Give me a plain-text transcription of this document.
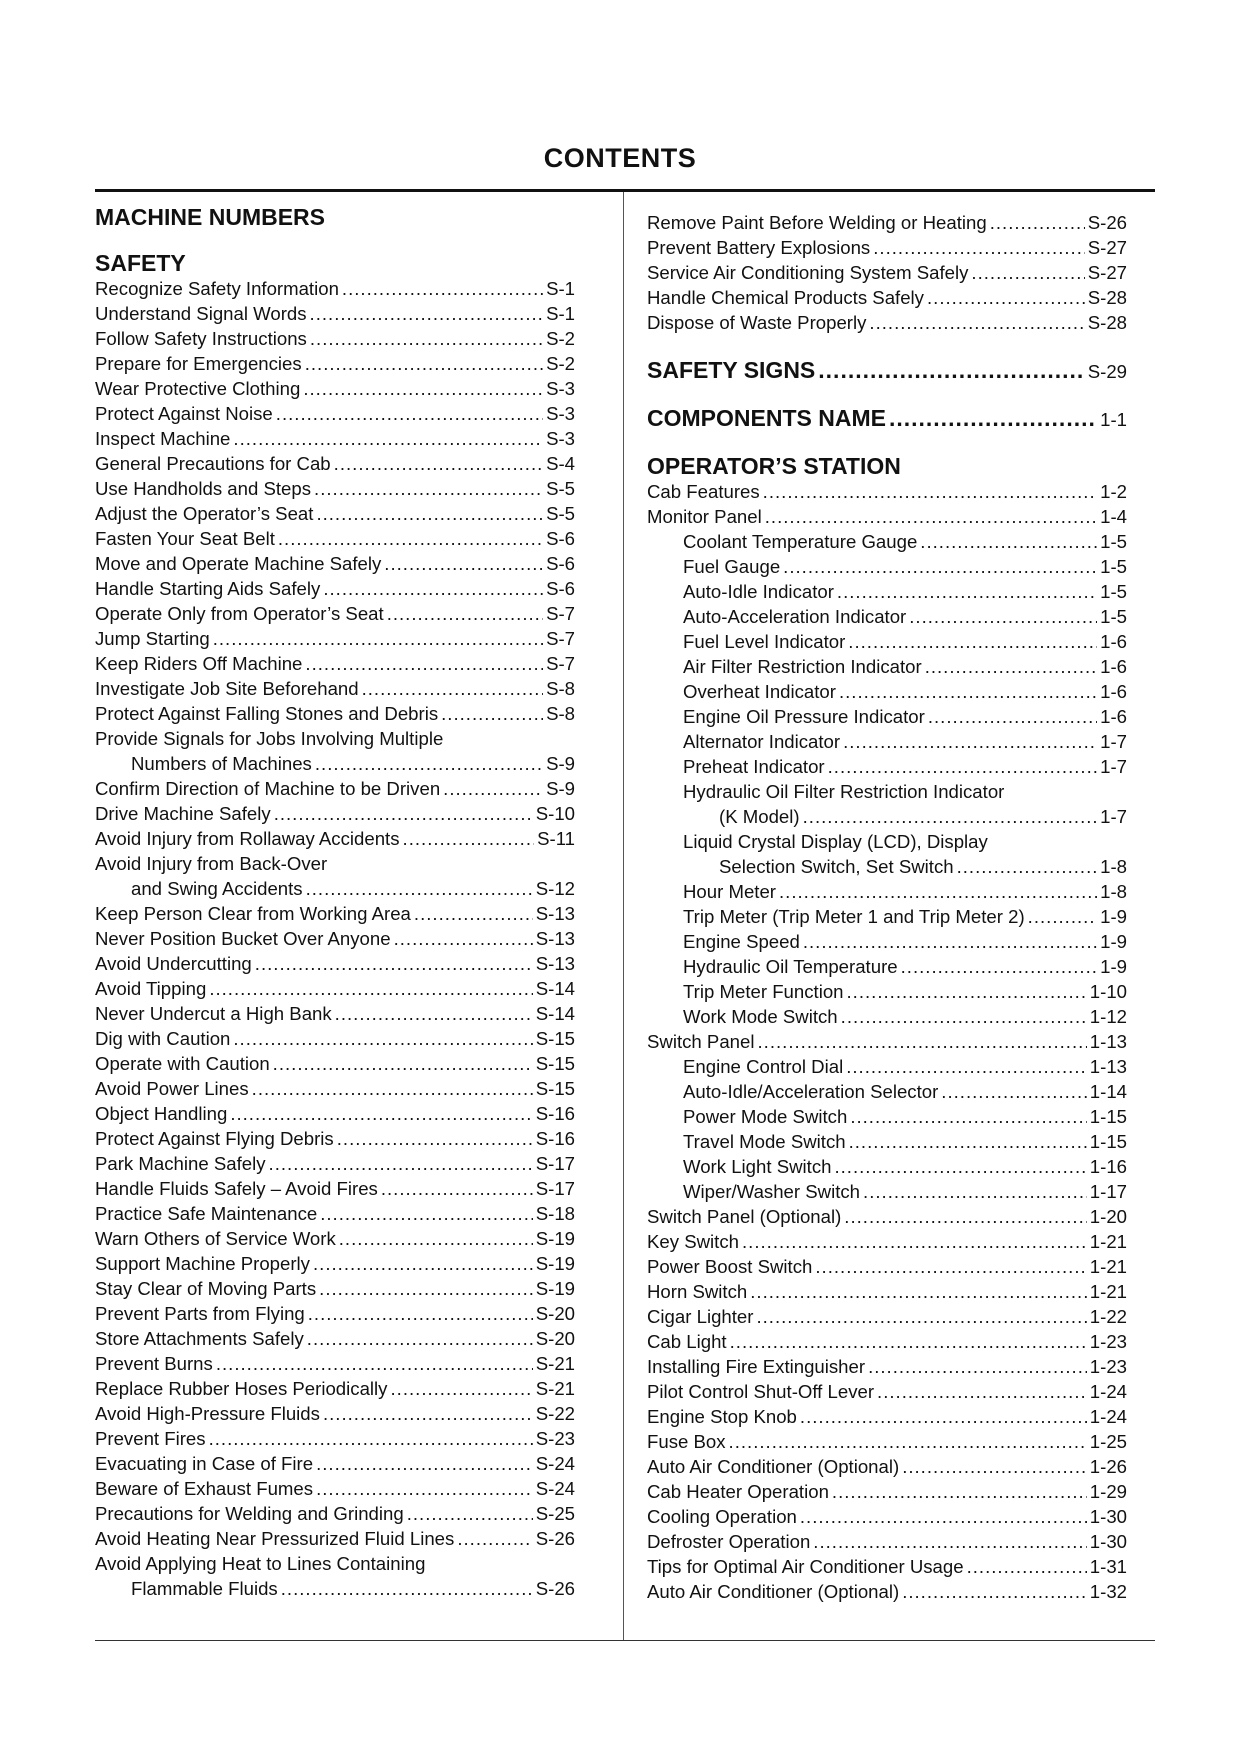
CONTENTS
MACHINE NUMBERS
SAFETY
Recognize Safety Information .....	S-1
Understand Signal Words .....	S-1
Follow Safety Instructions .....	S-2
Prepare for Emergencies .....	S-2
Wear Protective Clothing .....	S-3
Protect Against Noise .....	S-3
Inspect Machine .....	S-3
General Precautions for Cab .....	S-4
Use Handholds and Steps .....	S-5
Adjust the Operator’s Seat .....	S-5
Fasten Your Seat Belt .....	S-6
Move and Operate Machine Safely .....	S-6
Handle Starting Aids Safely .....	S-6
Operate Only from Operator’s Seat .....	S-7
Jump Starting .....	S-7
Keep Riders Off Machine .....	S-7
Investigate Job Site Beforehand .....	S-8
Protect Against Falling Stones and Debris .....	S-8
Provide Signals for Jobs Involving Multiple
Numbers of Machines .....	S-9
Confirm Direction of Machine to be Driven .....	S-9
Drive Machine Safely .....	S-10
Avoid Injury from Rollaway Accidents .....	S-11
Avoid Injury from Back-Over
and Swing Accidents .....	S-12
Keep Person Clear from Working Area .....	S-13
Never Position Bucket Over Anyone .....	S-13
Avoid Undercutting .....	S-13
Avoid Tipping .....	S-14
Never Undercut a High Bank .....	S-14
Dig with Caution .....	S-15
Operate with Caution .....	S-15
Avoid Power Lines .....	S-15
Object Handling .....	S-16
Protect Against Flying Debris .....	S-16
Park Machine Safely .....	S-17
Handle Fluids Safely – Avoid Fires .....	S-17
Practice Safe Maintenance .....	S-18
Warn Others of Service Work .....	S-19
Support Machine Properly .....	S-19
Stay Clear of Moving Parts .....	S-19
Prevent Parts from Flying .....	S-20
Store Attachments Safely .....	S-20
Prevent Burns .....	S-21
Replace Rubber Hoses Periodically .....	S-21
Avoid High-Pressure Fluids .....	S-22
Prevent Fires .....	S-23
Evacuating in Case of Fire .....	S-24
Beware of Exhaust Fumes .....	S-24
Precautions for Welding and Grinding .....	S-25
Avoid Heating Near Pressurized Fluid Lines .....	S-26
Avoid Applying Heat to Lines Containing
Flammable Fluids .....	S-26
Remove Paint Before Welding or Heating .....	S-26
Prevent Battery Explosions .....	S-27
Service Air Conditioning System Safely .....	S-27
Handle Chemical Products Safely .....	S-28
Dispose of Waste Properly .....	S-28
SAFETY SIGNS .....	S-29
COMPONENTS NAME .....	1-1
OPERATOR’S STATION
Cab Features .....	1-2
Monitor Panel .....	1-4
Coolant Temperature Gauge .....	1-5
Fuel Gauge .....	1-5
Auto-Idle Indicator .....	1-5
Auto-Acceleration Indicator .....	1-5
Fuel Level Indicator .....	1-6
Air Filter Restriction Indicator .....	1-6
Overheat Indicator .....	1-6
Engine Oil Pressure Indicator .....	1-6
Alternator Indicator .....	1-7
Preheat Indicator .....	1-7
Hydraulic Oil Filter Restriction Indicator
(K Model) .....	1-7
Liquid Crystal Display (LCD), Display
Selection Switch, Set Switch .....	1-8
Hour Meter .....	1-8
Trip Meter (Trip Meter 1 and Trip Meter 2) .....	1-9
Engine Speed .....	1-9
Hydraulic Oil Temperature .....	1-9
Trip Meter Function .....	1-10
Work Mode Switch .....	1-12
Switch Panel .....	1-13
Engine Control Dial .....	1-13
Auto-Idle/Acceleration Selector .....	1-14
Power Mode Switch .....	1-15
Travel Mode Switch .....	1-15
Work Light Switch .....	1-16
Wiper/Washer Switch .....	1-17
Switch Panel (Optional) .....	1-20
Key Switch .....	1-21
Power Boost Switch .....	1-21
Horn Switch .....	1-21
Cigar Lighter .....	1-22
Cab Light .....	1-23
Installing Fire Extinguisher .....	1-23
Pilot Control Shut-Off Lever .....	1-24
Engine Stop Knob .....	1-24
Fuse Box .....	1-25
Auto Air Conditioner (Optional) .....	1-26
Cab Heater Operation .....	1-29
Cooling Operation .....	1-30
Defroster Operation .....	1-30
Tips for Optimal Air Conditioner Usage .....	1-31
Auto Air Conditioner (Optional) .....	1-32
